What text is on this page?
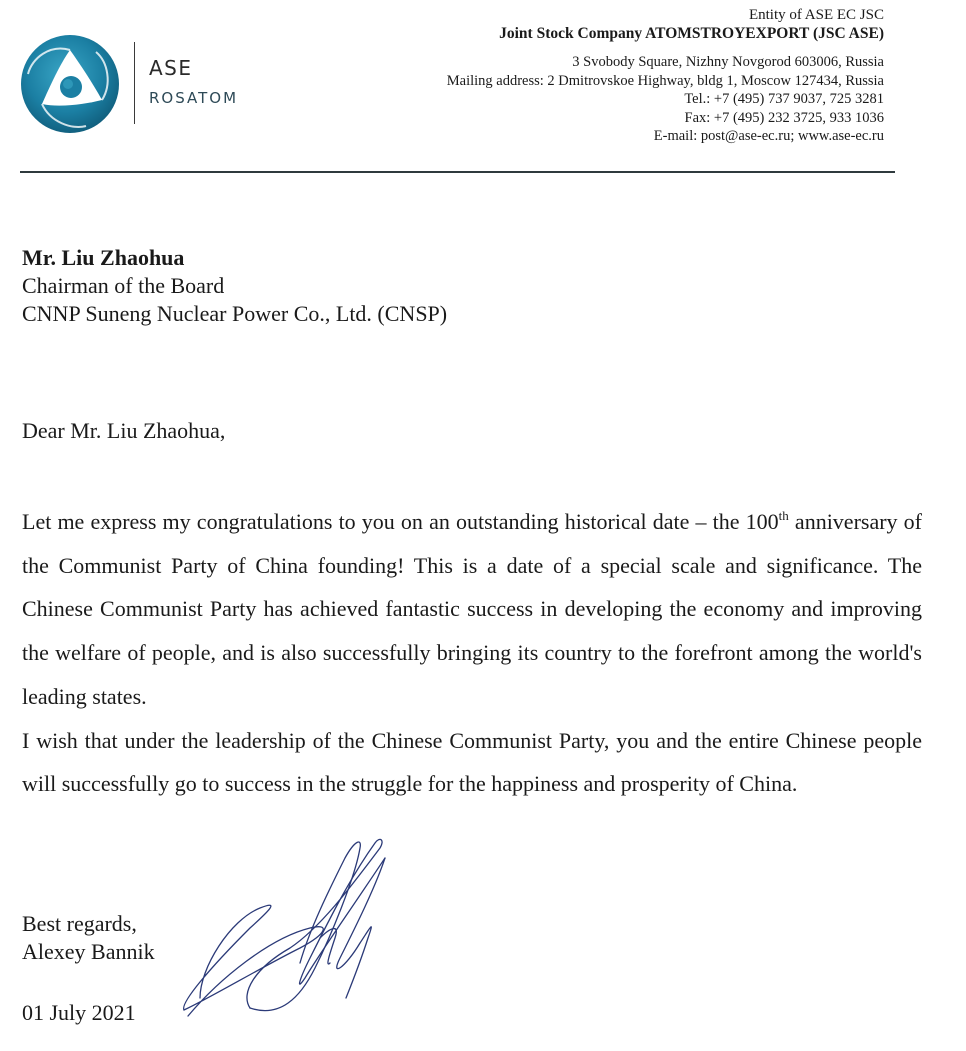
ASE
ROSATOM
Entity of ASE EC JSC
Joint Stock Company ATOMSTROYEXPORT (JSC ASE)
3 Svobody Square, Nizhny Novgorod 603006, Russia
Mailing address: 2 Dmitrovskoe Highway, bldg 1, Moscow 127434, Russia
Tel.: +7 (495) 737 9037, 725 3281
Fax: +7 (495) 232 3725, 933 1036
E-mail: post@ase-ec.ru; www.ase-ec.ru
Mr. Liu Zhaohua
Chairman of the Board
CNNP Suneng Nuclear Power Co., Ltd. (CNSP)
Dear Mr. Liu Zhaohua,

Let me express my congratulations to you on an outstanding historical date – the 100th anniversary of the Communist Party of China founding! This is a date of a special scale and significance. The Chinese Communist Party has achieved fantastic success in developing the economy and improving the welfare of people, and is also successfully bringing its country to the forefront among the world's leading states.

I wish that under the leadership of the Chinese Communist Party, you and the entire Chinese people will successfully go to success in the struggle for the happiness and prosperity of China.

Best regards,
Alexey Bannik
01 July 2021
